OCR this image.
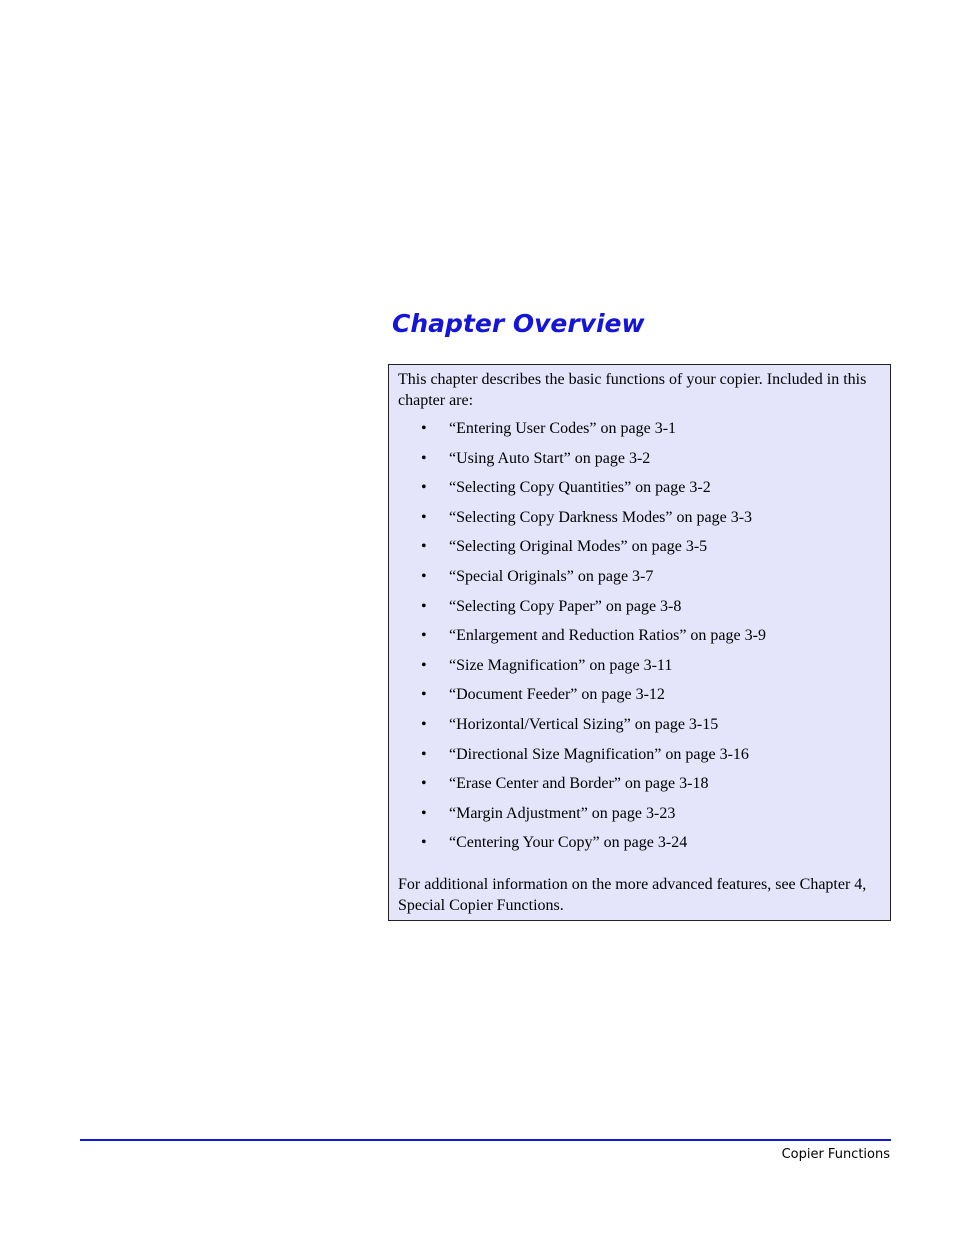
Chapter Overview

This chapter describes the basic functions of your copier. Included in this chapter are:

• “Entering User Codes” on page 3-1
• “Using Auto Start” on page 3-2
• “Selecting Copy Quantities” on page 3-2
• “Selecting Copy Darkness Modes” on page 3-3
• “Selecting Original Modes” on page 3-5
• “Special Originals” on page 3-7
• “Selecting Copy Paper” on page 3-8
• “Enlargement and Reduction Ratios” on page 3-9
• “Size Magnification” on page 3-11
• “Document Feeder” on page 3-12
• “Horizontal/Vertical Sizing” on page 3-15
• “Directional Size Magnification” on page 3-16
• “Erase Center and Border” on page 3-18
• “Margin Adjustment” on page 3-23
• “Centering Your Copy” on page 3-24

For additional information on the more advanced features, see Chapter 4, Special Copier Functions.

Copier Functions
